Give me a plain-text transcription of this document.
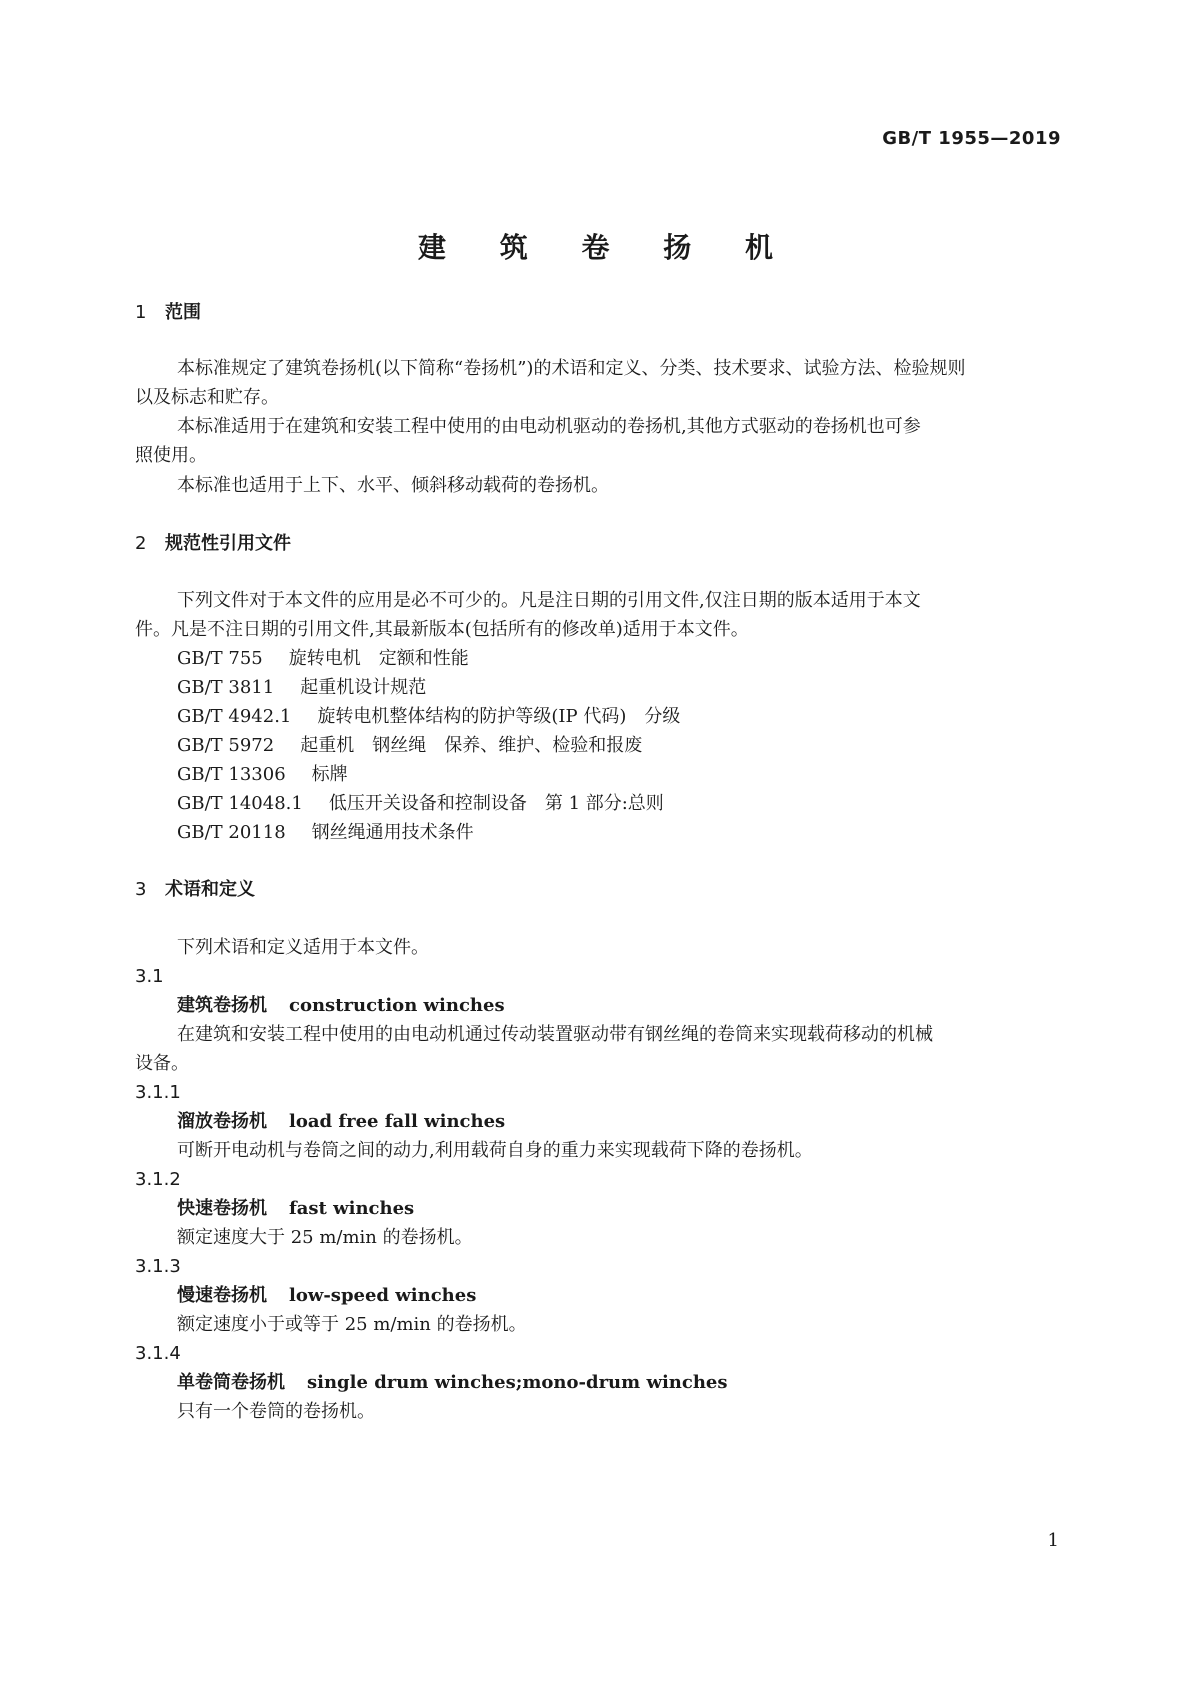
GB/T 1955—2019
建 筑 卷 扬 机
1 范围
本标准规定了建筑卷扬机(以下简称“卷扬机”)的术语和定义、分类、技术要求、试验方法、检验规则
以及标志和贮存。
本标准适用于在建筑和安装工程中使用的由电动机驱动的卷扬机,其他方式驱动的卷扬机也可参
照使用。
本标准也适用于上下、水平、倾斜移动载荷的卷扬机。
2 规范性引用文件
下列文件对于本文件的应用是必不可少的。凡是注日期的引用文件,仅注日期的版本适用于本文
件。凡是不注日期的引用文件,其最新版本(包括所有的修改单)适用于本文件。
GB/T 755 旋转电机　定额和性能
GB/T 3811 起重机设计规范
GB/T 4942.1 旋转电机整体结构的防护等级(IP 代码)　分级
GB/T 5972 起重机　钢丝绳　保养、维护、检验和报废
GB/T 13306 标牌
GB/T 14048.1 低压开关设备和控制设备　第 1 部分:总则
GB/T 20118 钢丝绳通用技术条件
3 术语和定义
下列术语和定义适用于本文件。
3.1
建筑卷扬机 construction winches
在建筑和安装工程中使用的由电动机通过传动装置驱动带有钢丝绳的卷筒来实现载荷移动的机械
设备。
3.1.1
溜放卷扬机 load free fall winches
可断开电动机与卷筒之间的动力,利用载荷自身的重力来实现载荷下降的卷扬机。
3.1.2
快速卷扬机 fast winches
额定速度大于 25 m/min 的卷扬机。
3.1.3
慢速卷扬机 low-speed winches
额定速度小于或等于 25 m/min 的卷扬机。
3.1.4
单卷筒卷扬机 single drum winches;mono-drum winches
只有一个卷筒的卷扬机。
1
